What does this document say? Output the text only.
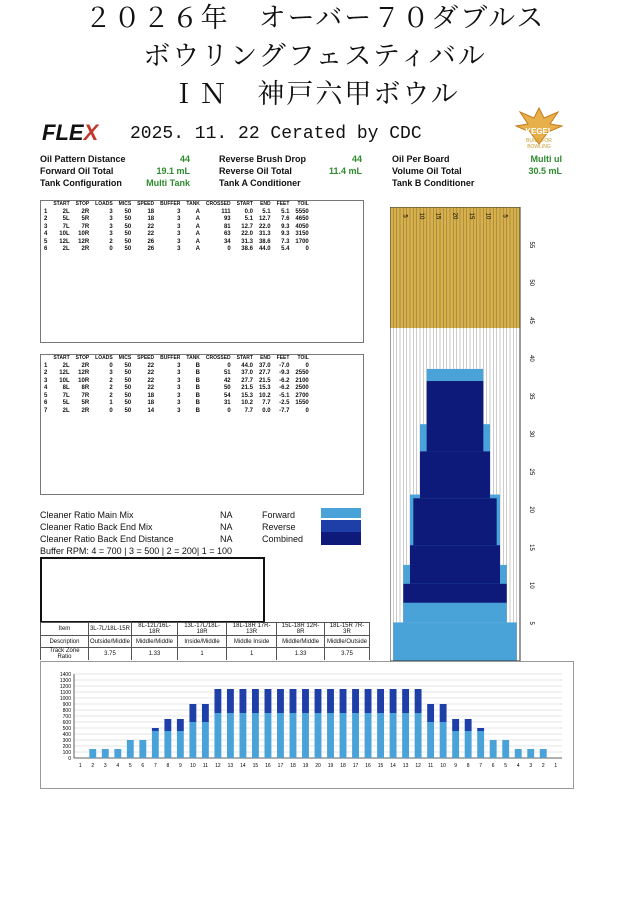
２０２６年　オーバー７０ダブルス
ボウリングフェスティバル
ＩＮ　神戸六甲ボウル
FLEX 2025. 11. 22 Cerated by CDC	KEGEL
BUILT FOR BOWLING
Oil Pattern Distance	44
Forward Oil Total	19.1 mL
Tank Configuration	Multi Tank
Reverse Brush Drop	44
Reverse Oil Total	11.4 mL
Tank A Conditioner
Oil Per Board	Multi ul
Volume Oil Total	30.5 mL
Tank B Conditioner
	START	STOP	LOADS	MICS	SPEED	BUFFER	TANK	CROSSED	START	END	FEET	TOIL
1	2L	2R	3	50	18	3	A	111	0.0	5.1	5.1	5550
2	5L	5R	3	50	18	3	A	93	5.1	12.7	7.6	4650
3	7L	7R	3	50	22	3	A	81	12.7	22.0	9.3	4050
4	10L	10R	3	50	22	3	A	63	22.0	31.3	9.3	3150
5	12L	12R	2	50	26	3	A	34	31.3	38.6	7.3	1700
6	2L	2R	0	50	26	3	A	0	38.6	44.0	5.4	0
	START	STOP	LOADS	MICS	SPEED	BUFFER	TANK	CROSSED	START	END	FEET	TOIL
1	2L	2R	0	50	22	3	B	0	44.0	37.0	-7.0	0
2	12L	12R	3	50	22	3	B	51	37.0	27.7	-9.3	2550
3	10L	10R	2	50	22	3	B	42	27.7	21.5	-6.2	2100
4	8L	8R	2	50	22	3	B	50	21.5	15.3	-6.2	2500
5	7L	7R	2	50	18	3	B	54	15.3	10.2	-5.1	2700
6	5L	5R	1	50	18	3	B	31	10.2	7.7	-2.5	1550
7	2L	2R	0	50	14	3	B	0	7.7	0.0	-7.7	0
Cleaner Ratio Main Mix	NA	Forward
Cleaner Ratio Back End Mix	NA	Reverse
Cleaner Ratio Back End Distance	NA	Combined
Buffer RPM: 4 = 700 | 3 = 500 | 2 = 200| 1 = 100
Item	3L-7L/18L-15R	8L-12L/16L-18R	13L-17L/18L-18R	18L-18R 17R-13R	15L-18R 12R-8R	18L-15R 7R-3R
Description	Outside/Middle	Middle/Middle	Inside/Middle	Middle Inside	Middle/Middle	Middle/Outside
Track Zone Ratio	3.75	1.33	1	1	1.33	3.75
5 10 15 20 15 10 5
55
50
45
40
35
30
25
20
15
10
5
0
100
200
300
400
500
600
700
800
900
1000
1100
1200
1300
1400
1 2 3 4 5 6 7 8 9 10 11 12 13 14 15 16 17 18 19 20 19 18 17 16 15 14 13 12 11 10 9 8 7 6 5 4 3 2 1
